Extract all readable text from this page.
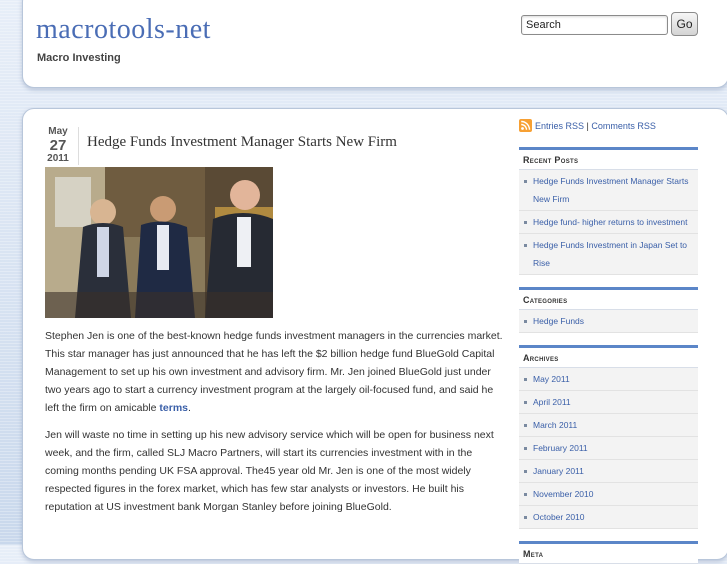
macrotools-net
Macro Investing
Search
Go
May
27
2011
Hedge Funds Investment Manager Starts New Firm

Stephen Jen is one of the best-known hedge funds investment managers in the currencies market. This star manager has just announced that he has left the $2 billion hedge fund BlueGold Capital Management to set up his own investment and advisory firm. Mr. Jen joined BlueGold just under two years ago to start a currency investment program at the largely oil-focused fund, and said he left the firm on amicable terms.

Jen will waste no time in setting up his new advisory service which will be open for business next week, and the firm, called SLJ Macro Partners, will start its currencies investment with in the coming months pending UK FSA approval. The45 year old Mr. Jen is one of the most widely respected figures in the forex market, which has few star analysts or investors. He built his reputation at US investment bank Morgan Stanley before joining BlueGold.

Entries RSS | Comments RSS
Recent Posts
Hedge Funds Investment Manager Starts New Firm
Hedge fund- higher returns to investment
Hedge Funds Investment in Japan Set to Rise
Categories
Hedge Funds
Archives
May 2011
April 2011
March 2011
February 2011
January 2011
November 2010
October 2010
Meta
